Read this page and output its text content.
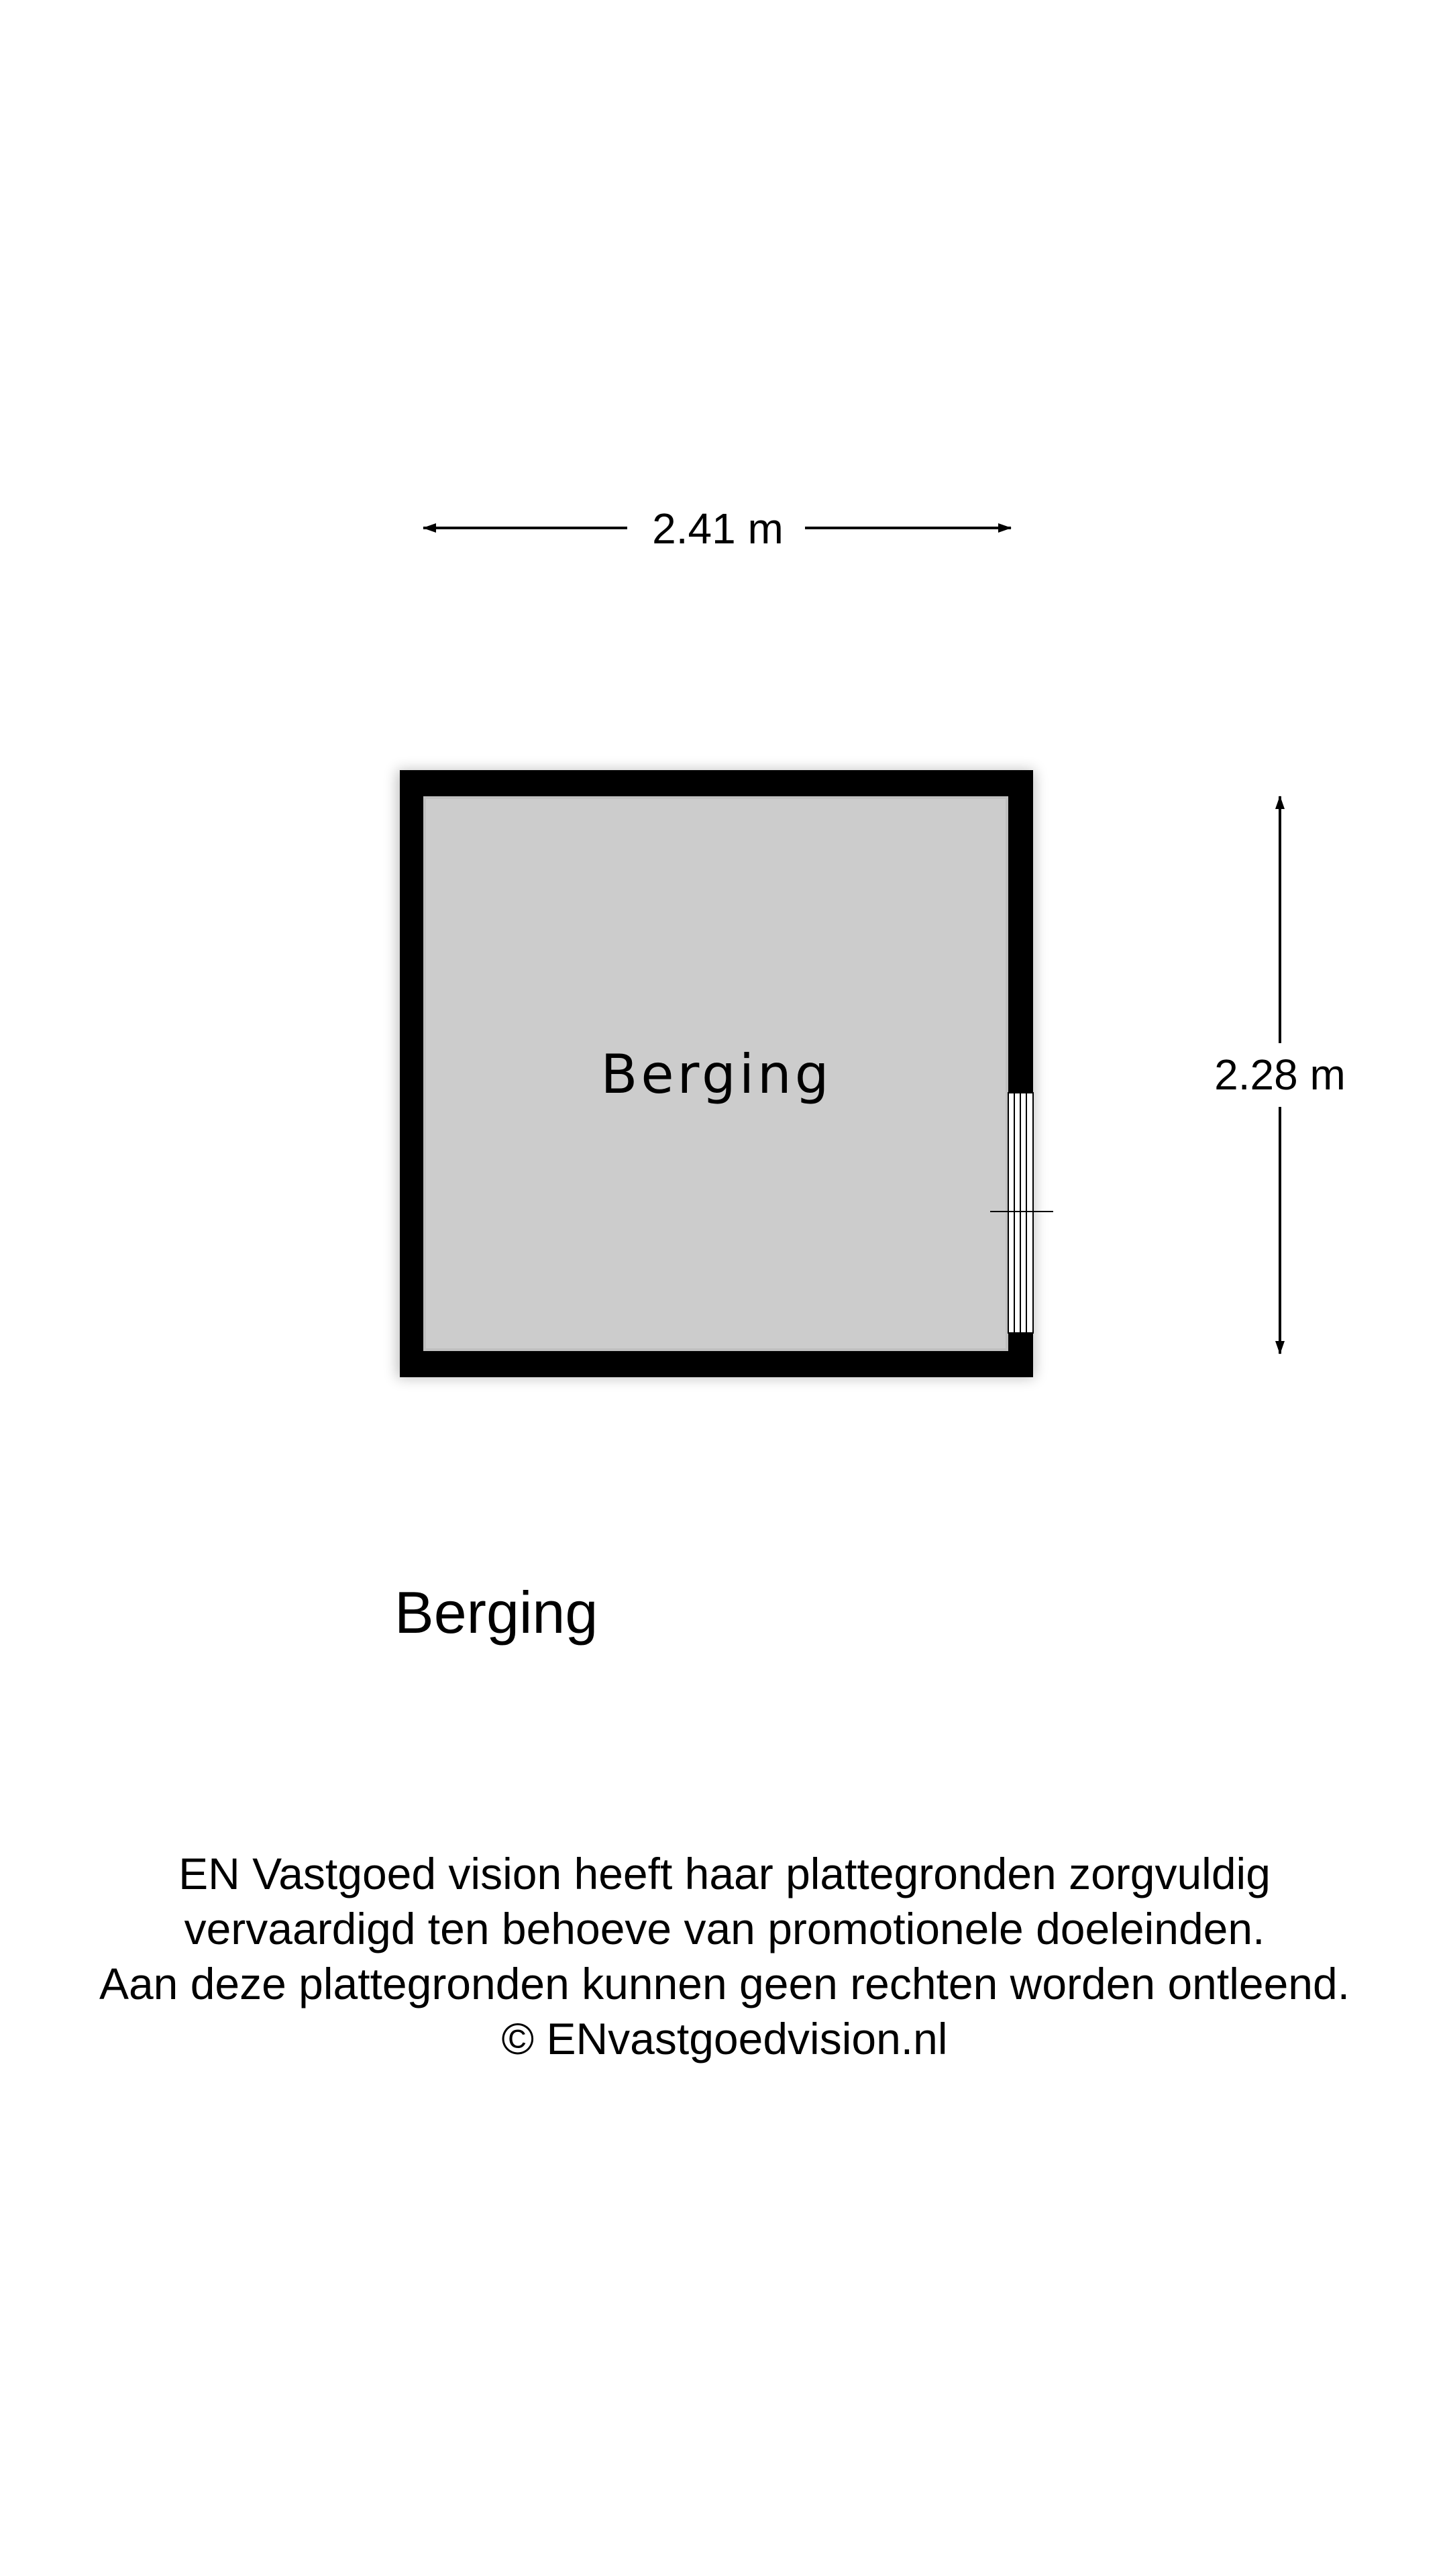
2.41 m
2.28 m
Berging
Berging
EN Vastgoed vision heeft haar plattegronden zorgvuldig
vervaardigd ten behoeve van promotionele doeleinden.
Aan deze plattegronden kunnen geen rechten worden ontleend.
© ENvastgoedvision.nl
